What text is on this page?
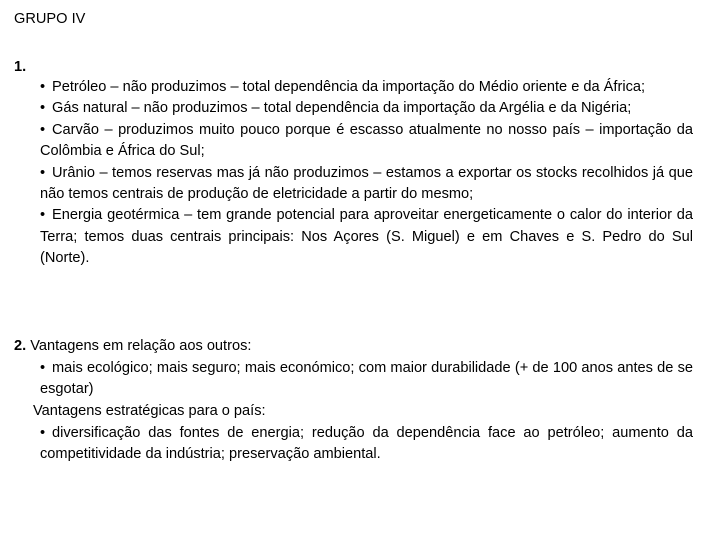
GRUPO IV
1.
• Petróleo – não produzimos – total dependência da importação do Médio oriente e da África;
• Gás natural – não produzimos – total dependência da importação da Argélia e da Nigéria;
• Carvão – produzimos muito pouco porque é escasso atualmente no nosso país – importação da Colômbia e África do Sul;
• Urânio – temos reservas mas já não produzimos – estamos a exportar os stocks recolhidos já que não temos centrais de produção de eletricidade a partir do mesmo;
• Energia geotérmica – tem grande potencial para aproveitar energeticamente o calor do interior da Terra; temos duas centrais principais: Nos Açores (S. Miguel) e em Chaves e S. Pedro do Sul (Norte).
2. Vantagens em relação aos outros:
• mais ecológico; mais seguro; mais económico; com maior durabilidade (+ de 100 anos antes de se esgotar)
Vantagens estratégicas para o país:
• diversificação das fontes de energia; redução da dependência face ao petróleo; aumento da competitividade da indústria; preservação ambiental.
